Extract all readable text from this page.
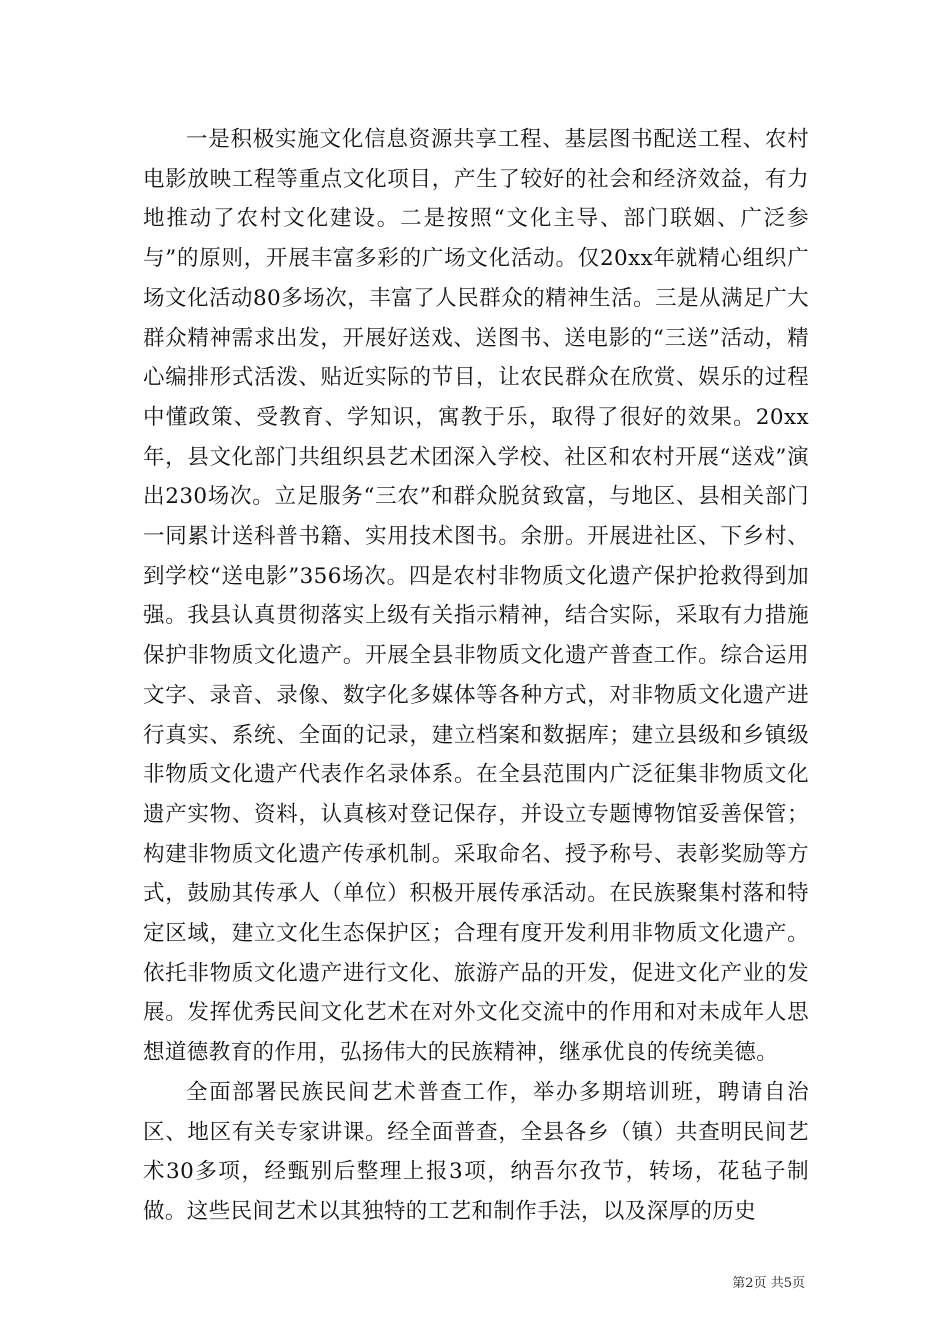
一是积极实施文化信息资源共享工程、基层图书配送工程、农村电影放映工程等重点文化项目，产生了较好的社会和经济效益，有力地推动了农村文化建设。二是按照“文化主导、部门联姻、广泛参与”的原则，开展丰富多彩的广场文化活动。仅20xx年就精心组织广场文化活动80多场次，丰富了人民群众的精神生活。三是从满足广大群众精神需求出发，开展好送戏、送图书、送电影的“三送”活动，精心编排形式活泼、贴近实际的节目，让农民群众在欣赏、娱乐的过程中懂政策、受教育、学知识，寓教于乐，取得了很好的效果。20xx年，县文化部门共组织县艺术团深入学校、社区和农村开展“送戏”演出230场次。立足服务“三农”和群众脱贫致富，与地区、县相关部门一同累计送科普书籍、实用技术图书。余册。开展进社区、下乡村、到学校“送电影”356场次。四是农村非物质文化遗产保护抢救得到加强。我县认真贯彻落实上级有关指示精神，结合实际，采取有力措施保护非物质文化遗产。开展全县非物质文化遗产普查工作。综合运用文字、录音、录像、数字化多媒体等各种方式，对非物质文化遗产进行真实、系统、全面的记录，建立档案和数据库；建立县级和乡镇级非物质文化遗产代表作名录体系。在全县范围内广泛征集非物质文化遗产实物、资料，认真核对登记保存，并设立专题博物馆妥善保管；构建非物质文化遗产传承机制。采取命名、授予称号、表彰奖励等方式，鼓励其传承人（单位）积极开展传承活动。在民族聚集村落和特定区域，建立文化生态保护区；合理有度开发利用非物质文化遗产。依托非物质文化遗产进行文化、旅游产品的开发，促进文化产业的发展。发挥优秀民间文化艺术在对外文化交流中的作用和对未成年人思想道德教育的作用，弘扬伟大的民族精神，继承优良的传统美德。

全面部署民族民间艺术普查工作，举办多期培训班，聘请自治区、地区有关专家讲课。经全面普查，全县各乡（镇）共查明民间艺术30多项，经甄别后整理上报3项，纳吾尔孜节，转场，花毡子制做。这些民间艺术以其独特的工艺和制作手法，以及深厚的历史

第2页 共5页
